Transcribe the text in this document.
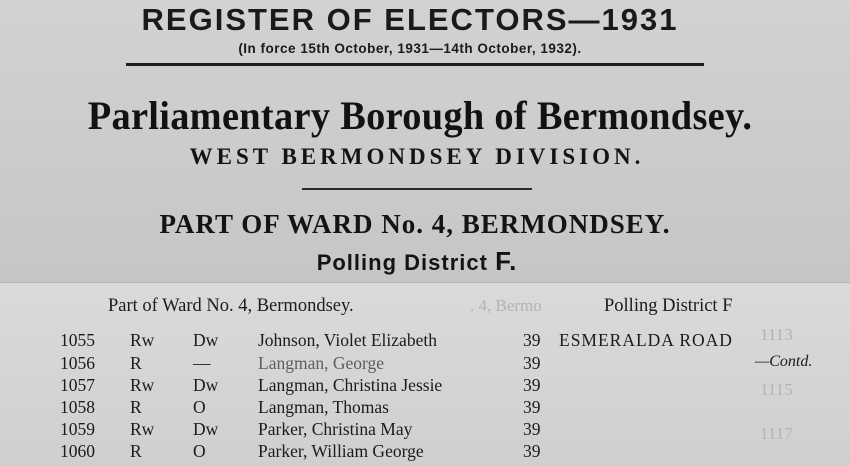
REGISTER OF ELECTORS—1931
(In force 15th October, 1931—14th October, 1932).
Parliamentary Borough of Bermondsey.
WEST BERMONDSEY DIVISION.
PART OF WARD No. 4, BERMONDSEY.
Polling District F.
. 4, Bermo
1113
1115
1117
Part of Ward No. 4, Bermondsey.	Polling District F
1055 Rw Dw Johnson, Violet Elizabeth	39 ESMERALDA ROAD
1056 R	—	Langman, George	39	—Contd.
1057 Rw Dw Langman, Christina Jessie	39
1058 R	O	Langman, Thomas	39
1059 Rw Dw Parker, Christina May	39
1060 R	O	Parker, William George	39
